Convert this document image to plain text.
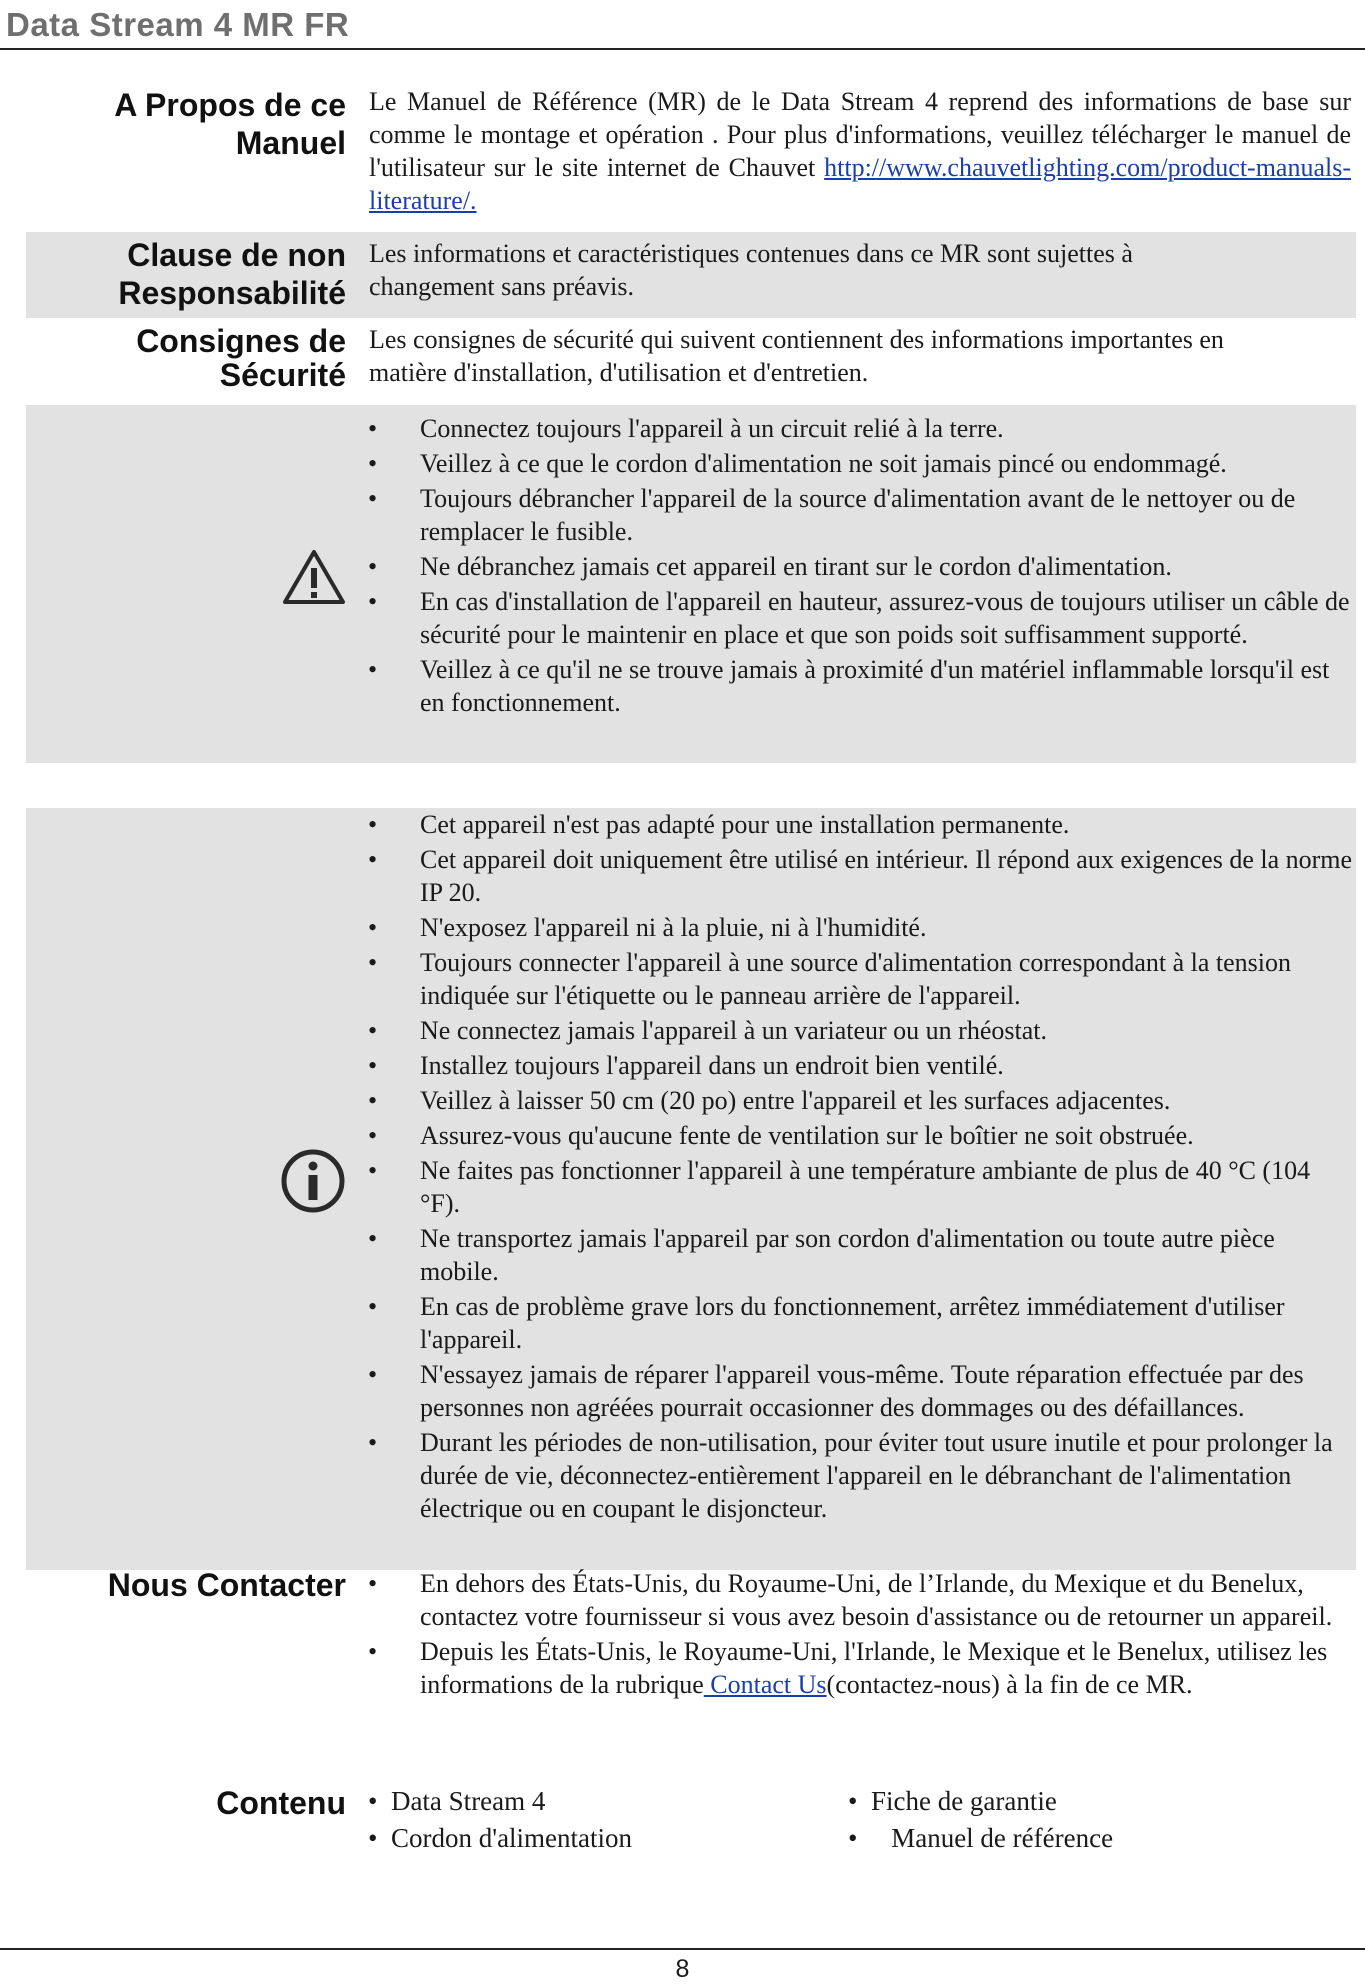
Data Stream 4 MR FR
A Propos de ce
Manuel
Le Manuel de Référence (MR) de le Data Stream 4 reprend des informations de base sur comme le montage et opération . Pour plus d'informations, veuillez télécharger le manuel de l'utilisateur sur le site internet de Chauvet http://www.chauvetlighting.com/product-manuals-literature/.
Clause de non
Responsabilité
Les informations et caractéristiques contenues dans ce MR sont sujettes à
changement sans préavis.
Consignes de
Sécurité
Les consignes de sécurité qui suivent contiennent des informations importantes en
matière d'installation, d'utilisation et d'entretien.
• Connectez toujours l'appareil à un circuit relié à la terre.
• Veillez à ce que le cordon d'alimentation ne soit jamais pincé ou endommagé.
• Toujours débrancher l'appareil de la source d'alimentation avant de le nettoyer ou de remplacer le fusible.
• Ne débranchez jamais cet appareil en tirant sur le cordon d'alimentation.
• En cas d'installation de l'appareil en hauteur, assurez-vous de toujours utiliser un câble de sécurité pour le maintenir en place et que son poids soit suffisamment supporté.
• Veillez à ce qu'il ne se trouve jamais à proximité d'un matériel inflammable lorsqu'il est en fonctionnement.
• Cet appareil n'est pas adapté pour une installation permanente.
• Cet appareil doit uniquement être utilisé en intérieur. Il répond aux exigences de la norme IP 20.
• N'exposez l'appareil ni à la pluie, ni à l'humidité.
• Toujours connecter l'appareil à une source d'alimentation correspondant à la tension indiquée sur l'étiquette ou le panneau arrière de l'appareil.
• Ne connectez jamais l'appareil à un variateur ou un rhéostat.
• Installez toujours l'appareil dans un endroit bien ventilé.
• Veillez à laisser 50 cm (20 po) entre l'appareil et les surfaces adjacentes.
• Assurez-vous qu'aucune fente de ventilation sur le boîtier ne soit obstruée.
• Ne faites pas fonctionner l'appareil à une température ambiante de plus de 40 °C (104 °F).
• Ne transportez jamais l'appareil par son cordon d'alimentation ou toute autre pièce mobile.
• En cas de problème grave lors du fonctionnement, arrêtez immédiatement d'utiliser l'appareil.
• N'essayez jamais de réparer l'appareil vous-même. Toute réparation effectuée par des personnes non agréées pourrait occasionner des dommages ou des défaillances.
• Durant les périodes de non-utilisation, pour éviter tout usure inutile et pour prolonger la durée de vie, déconnectez-entièrement l'appareil en le débranchant de l'alimentation électrique ou en coupant le disjoncteur.
Nous Contacter
•	En dehors des États-Unis, du Royaume-Uni, de l’Irlande, du Mexique et du Benelux, contactez votre fournisseur si vous avez besoin d'assistance ou de retourner un appareil.
• Depuis les États-Unis, le Royaume-Uni, l'Irlande, le Mexique et le Benelux, utilisez les informations de la rubrique Contact Us(contactez-nous) à la fin de ce MR.
Contenu •  Data Stream 4
•  Cordon d'alimentation
•  Fiche de garantie
•     Manuel de référence
8
